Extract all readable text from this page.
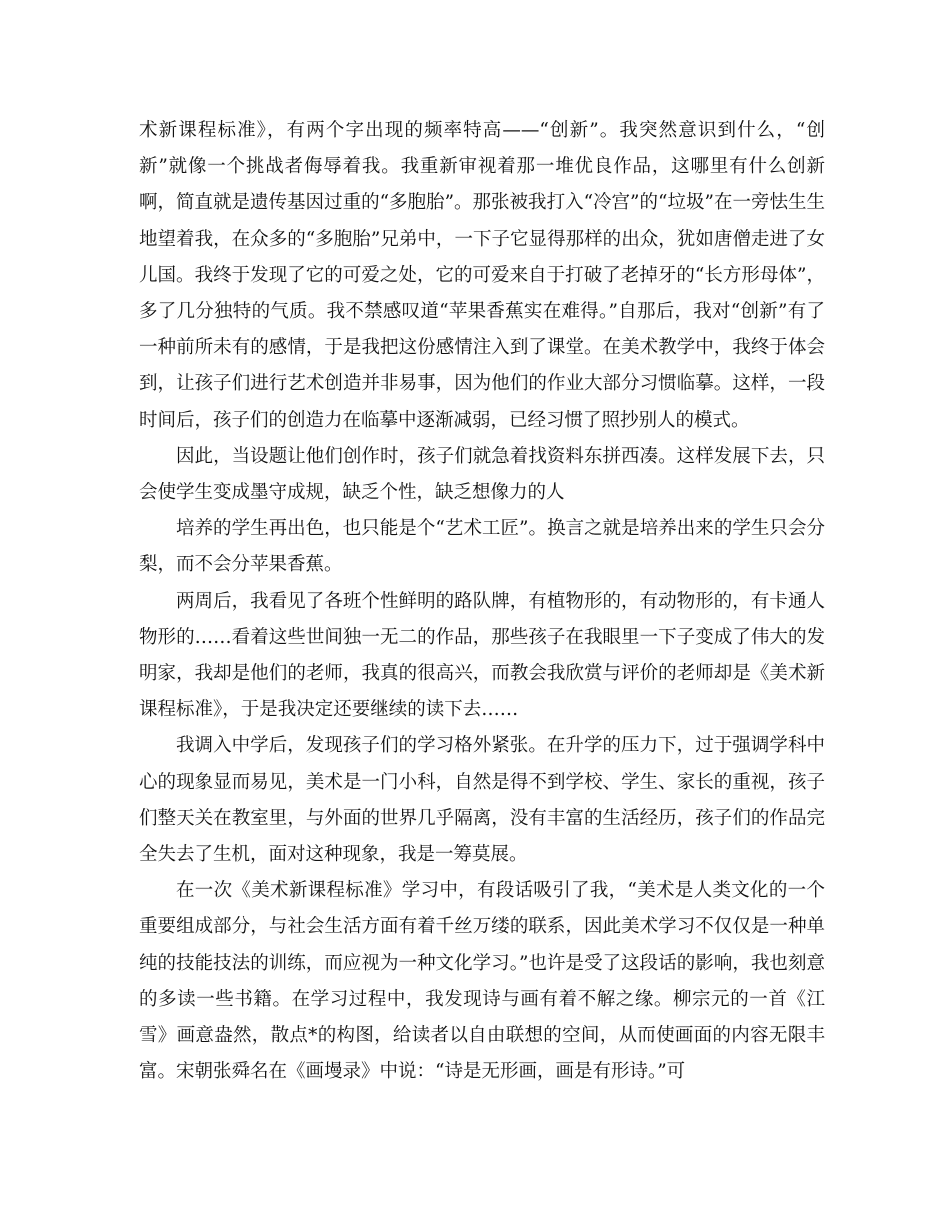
术新课程标准》，有两个字出现的频率特高——“创新”。我突然意识到什么，“创新”就像一个挑战者侮辱着我。我重新审视着那一堆优良作品，这哪里有什么创新啊，简直就是遗传基因过重的“多胞胎”。那张被我打入“冷宫”的“垃圾”在一旁怯生生地望着我，在众多的“多胞胎”兄弟中，一下子它显得那样的出众，犹如唐僧走进了女儿国。我终于发现了它的可爱之处，它的可爱来自于打破了老掉牙的“长方形母体”，多了几分独特的气质。我不禁感叹道“苹果香蕉实在难得。”自那后，我对“创新”有了一种前所未有的感情，于是我把这份感情注入到了课堂。在美术教学中，我终于体会到，让孩子们进行艺术创造并非易事，因为他们的作业大部分习惯临摹。这样，一段时间后，孩子们的创造力在临摹中逐渐减弱，已经习惯了照抄别人的模式。

因此，当设题让他们创作时，孩子们就急着找资料东拼西凑。这样发展下去，只会使学生变成墨守成规，缺乏个性，缺乏想像力的人

培养的学生再出色，也只能是个“艺术工匠”。换言之就是培养出来的学生只会分梨，而不会分苹果香蕉。

两周后，我看见了各班个性鲜明的路队牌，有植物形的，有动物形的，有卡通人物形的……看着这些世间独一无二的作品，那些孩子在我眼里一下子变成了伟大的发明家，我却是他们的老师，我真的很高兴，而教会我欣赏与评价的老师却是《美术新课程标准》，于是我决定还要继续的读下去……

我调入中学后，发现孩子们的学习格外紧张。在升学的压力下，过于强调学科中心的现象显而易见，美术是一门小科，自然是得不到学校、学生、家长的重视，孩子们整天关在教室里，与外面的世界几乎隔离，没有丰富的生活经历，孩子们的作品完全失去了生机，面对这种现象，我是一筹莫展。

在一次《美术新课程标准》学习中，有段话吸引了我，“美术是人类文化的一个重要组成部分，与社会生活方面有着千丝万缕的联系，因此美术学习不仅仅是一种单纯的技能技法的训练，而应视为一种文化学习。”也许是受了这段话的影响，我也刻意的多读一些书籍。在学习过程中，我发现诗与画有着不解之缘。柳宗元的一首《江雪》画意盎然，散点*的构图，给读者以自由联想的空间，从而使画面的内容无限丰富。宋朝张舜名在《画墁录》中说：“诗是无形画，画是有形诗。”可
